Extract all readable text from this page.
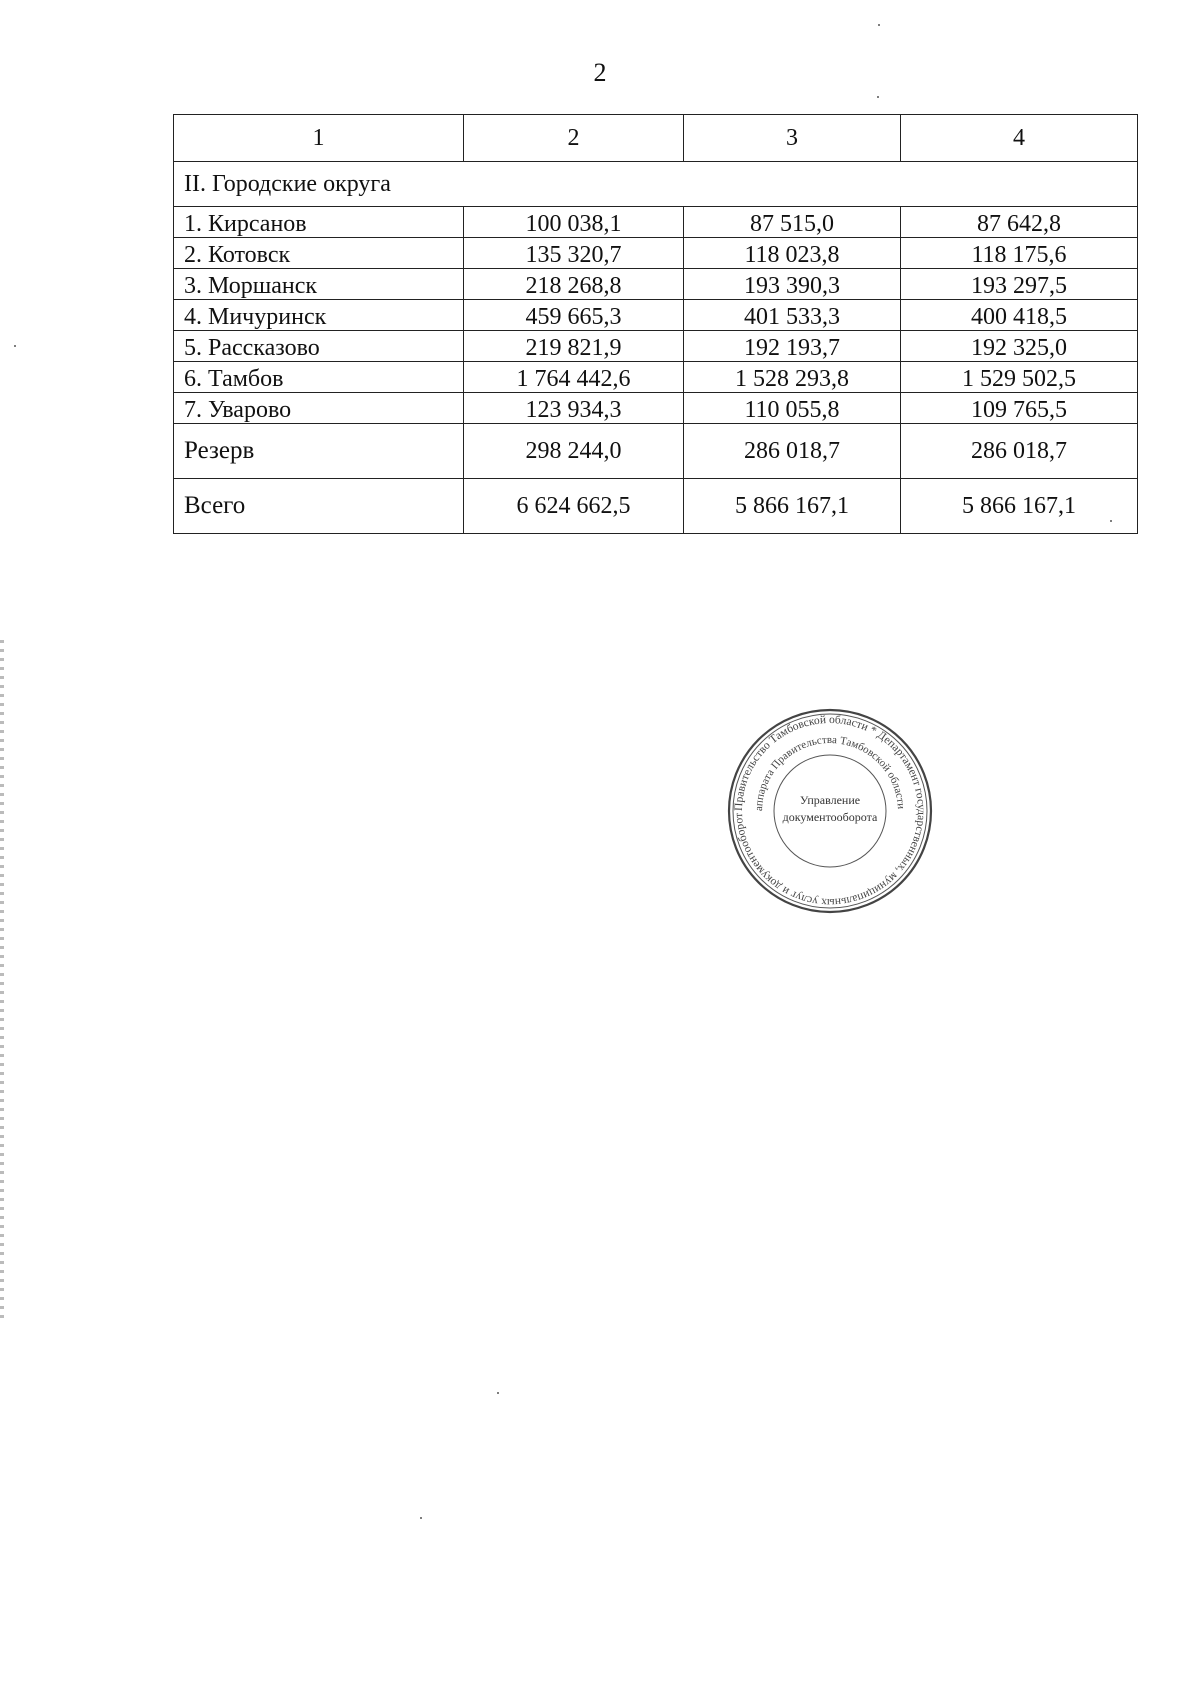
2
1	2	3	4
II. Городские округа			
1. Кирсанов	100 038,1	87 515,0	87 642,8
2. Котовск	135 320,7	118 023,8	118 175,6
3. Моршанск	218 268,8	193 390,3	193 297,5
4. Мичуринск	459 665,3	401 533,3	400 418,5
5. Рассказово	219 821,9	192 193,7	192 325,0
6. Тамбов	1 764 442,6	1 528 293,8	1 529 502,5
7. Уварово	123 934,3	110 055,8	109 765,5
Резерв	298 244,0	286 018,7	286 018,7
Всего	6 624 662,5	5 866 167,1	5 866 167,1
Правительство Тамбовской области * Департамент государственных, муниципальных услуг и документооборот
аппарата Правительства Тамбовской области
Управление
документооборота
